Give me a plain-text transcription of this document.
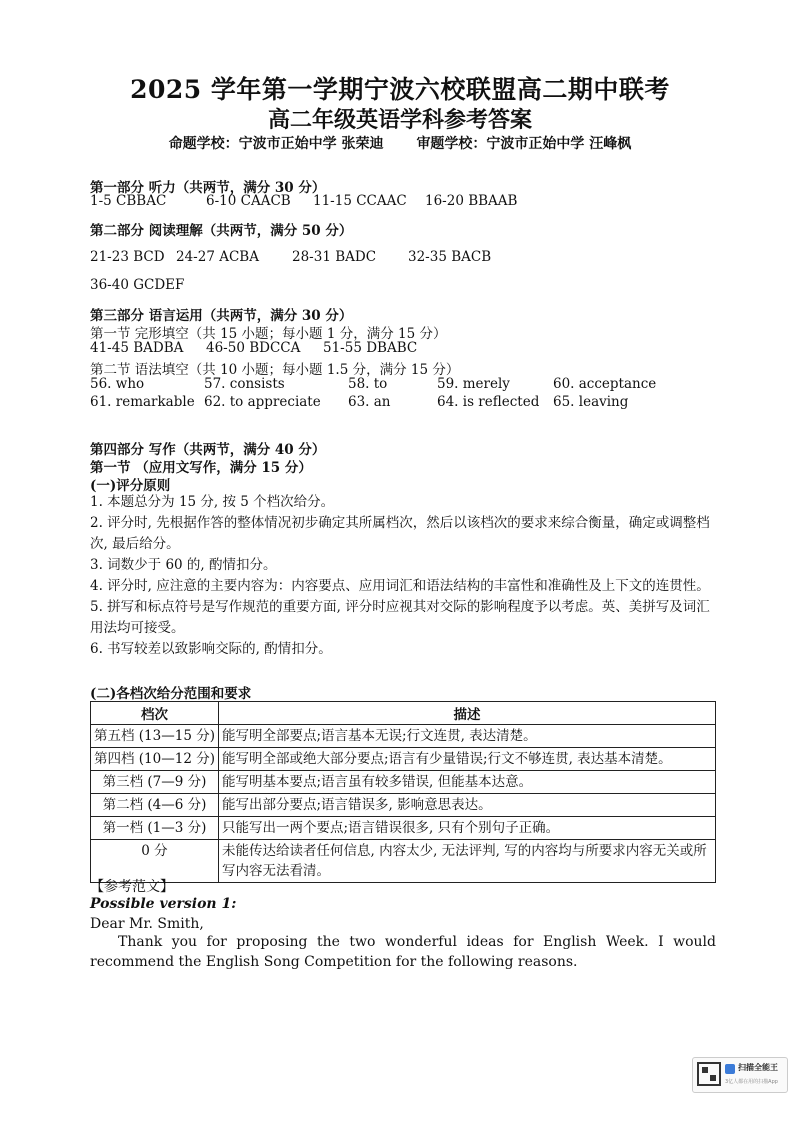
2025 学年第一学期宁波六校联盟高二期中联考
高二年级英语学科参考答案
命题学校：宁波市正始中学 张荣迪 审题学校：宁波市正始中学 汪峰枫
第一部分 听力（共两节，满分 30 分）
1-5 CBBAC	6-10 CAACB 11-15 CCAAC 16-20 BBAAB
第二部分 阅读理解（共两节，满分 50 分）
21-23 BCD 24-27 ACBA 28-31 BADC 32-35 BACB
36-40 GCDEF
第三部分 语言运用（共两节，满分 30 分）
第一节 完形填空（共 15 小题；每小题 1 分，满分 15 分）
41-45 BADBA 46-50 BDCCA 51-55 DBABC
第二节 语法填空（共 10 小题；每小题 1.5 分，满分 15 分）
56. who	57. consists	58. to	59. merely	60. acceptance
61. remarkable 62. to appreciate 63. an	64. is reflected 65. leaving
第四部分 写作（共两节，满分 40 分）
第一节 （应用文写作，满分 15 分）
(一)评分原则
1. 本题总分为 15 分, 按 5 个档次给分。
2. 评分时, 先根据作答的整体情况初步确定其所属档次，然后以该档次的要求来综合衡量，确定或调整档次, 最后给分。
3. 词数少于 60 的, 酌情扣分。
4. 评分时, 应注意的主要内容为：内容要点、应用词汇和语法结构的丰富性和准确性及上下文的连贯性。
5. 拼写和标点符号是写作规范的重要方面, 评分时应视其对交际的影响程度予以考虑。英、美拼写及词汇用法均可接受。
6. 书写较差以致影响交际的, 酌情扣分。
(二)各档次给分范围和要求
档次	描述
第五档 (13—15 分)	能写明全部要点;语言基本无误;行文连贯, 表达清楚。
第四档 (10—12 分)	能写明全部或绝大部分要点;语言有少量错误;行文不够连贯, 表达基本清楚。
第三档 (7—9 分)	能写明基本要点;语言虽有较多错误, 但能基本达意。
第二档 (4—6 分)	能写出部分要点;语言错误多, 影响意思表达。
第一档 (1—3 分)	只能写出一两个要点;语言错误很多, 只有个别句子正确。
0 分	未能传达给读者任何信息, 内容太少, 无法评判, 写的内容均与所要求内容无关或所写内容无法看清。
【参考范文】
Possible version 1:
Dear Mr. Smith,
Thank you for proposing the two wonderful ideas for English Week. I would recommend the English Song Competition for the following reasons.
扫描全能王
3亿人都在用的扫描App
